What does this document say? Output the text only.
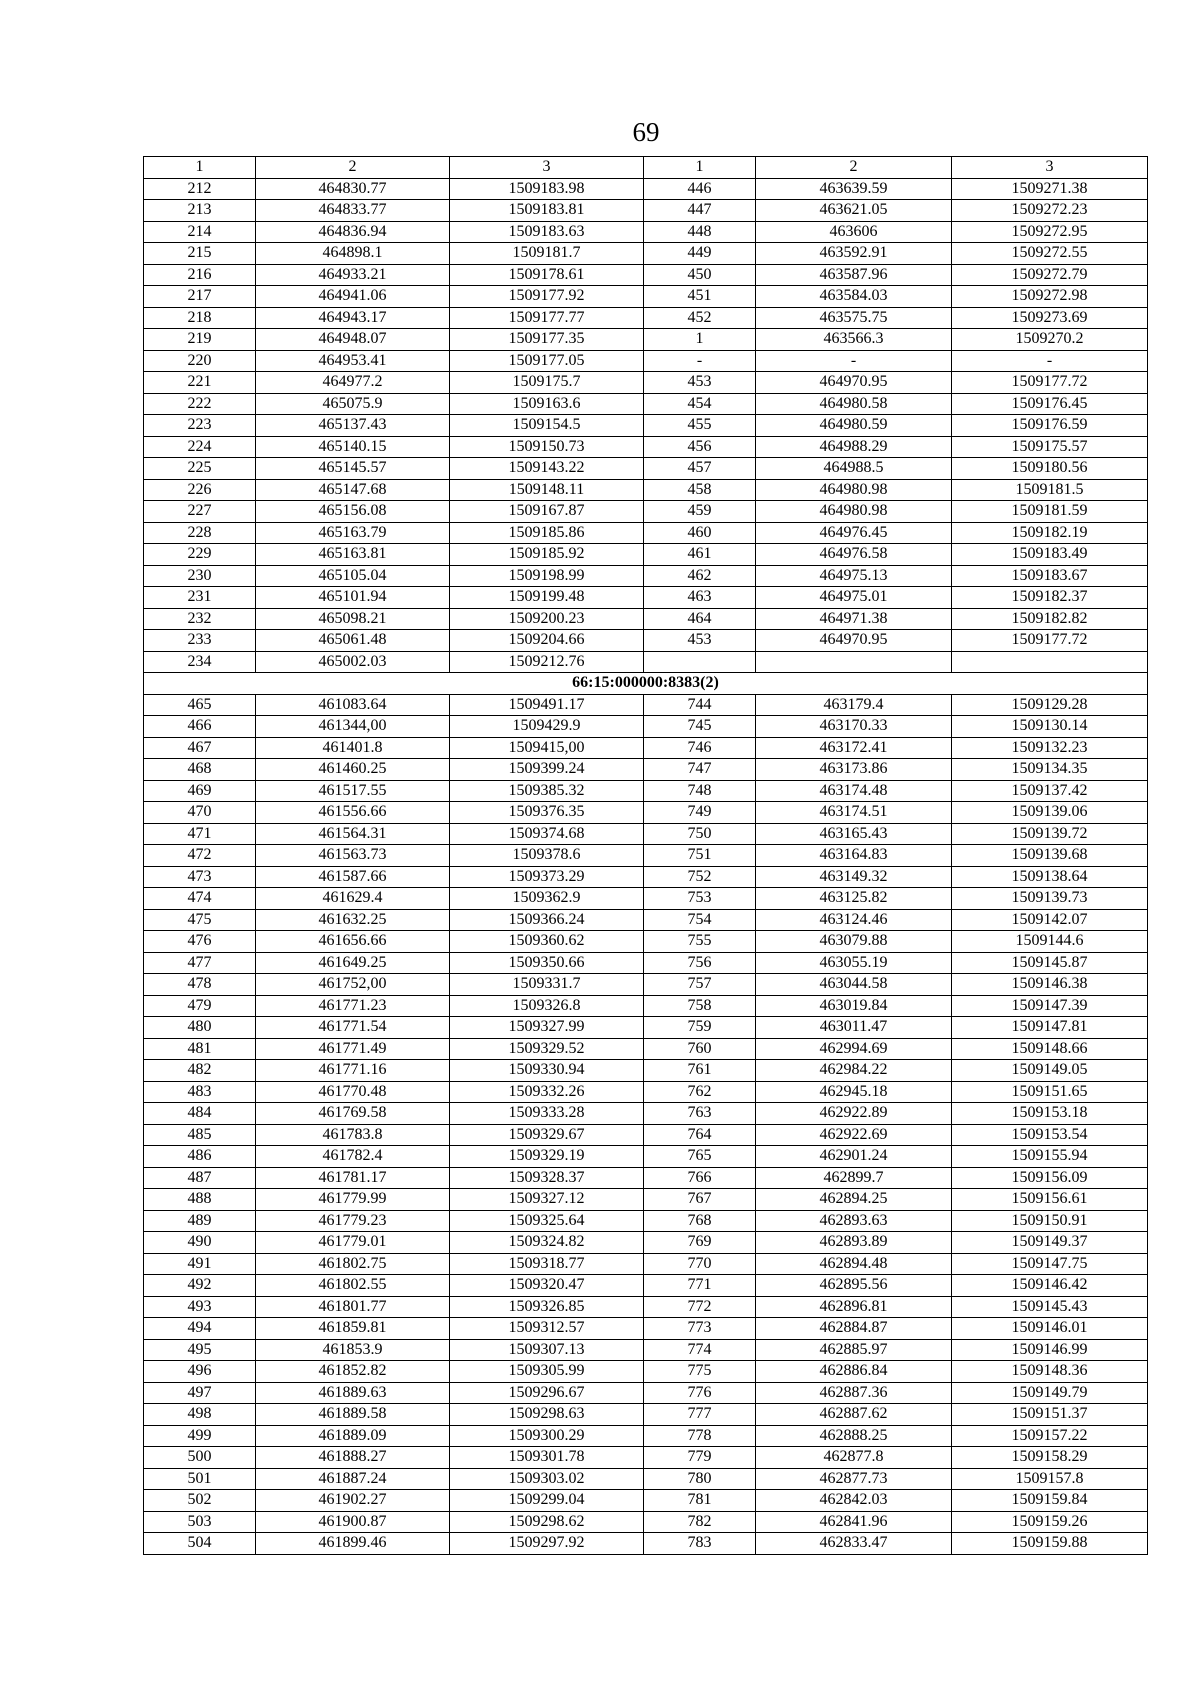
69
1	2	3	1	2	3
212	464830.77	1509183.98	446	463639.59	1509271.38
213	464833.77	1509183.81	447	463621.05	1509272.23
214	464836.94	1509183.63	448	463606	1509272.95
215	464898.1	1509181.7	449	463592.91	1509272.55
216	464933.21	1509178.61	450	463587.96	1509272.79
217	464941.06	1509177.92	451	463584.03	1509272.98
218	464943.17	1509177.77	452	463575.75	1509273.69
219	464948.07	1509177.35	1	463566.3	1509270.2
220	464953.41	1509177.05	-	-	-
221	464977.2	1509175.7	453	464970.95	1509177.72
222	465075.9	1509163.6	454	464980.58	1509176.45
223	465137.43	1509154.5	455	464980.59	1509176.59
224	465140.15	1509150.73	456	464988.29	1509175.57
225	465145.57	1509143.22	457	464988.5	1509180.56
226	465147.68	1509148.11	458	464980.98	1509181.5
227	465156.08	1509167.87	459	464980.98	1509181.59
228	465163.79	1509185.86	460	464976.45	1509182.19
229	465163.81	1509185.92	461	464976.58	1509183.49
230	465105.04	1509198.99	462	464975.13	1509183.67
231	465101.94	1509199.48	463	464975.01	1509182.37
232	465098.21	1509200.23	464	464971.38	1509182.82
233	465061.48	1509204.66	453	464970.95	1509177.72
234	465002.03	1509212.76			
66:15:000000:8383(2)					
465	461083.64	1509491.17	744	463179.4	1509129.28
466	461344,00	1509429.9	745	463170.33	1509130.14
467	461401.8	1509415,00	746	463172.41	1509132.23
468	461460.25	1509399.24	747	463173.86	1509134.35
469	461517.55	1509385.32	748	463174.48	1509137.42
470	461556.66	1509376.35	749	463174.51	1509139.06
471	461564.31	1509374.68	750	463165.43	1509139.72
472	461563.73	1509378.6	751	463164.83	1509139.68
473	461587.66	1509373.29	752	463149.32	1509138.64
474	461629.4	1509362.9	753	463125.82	1509139.73
475	461632.25	1509366.24	754	463124.46	1509142.07
476	461656.66	1509360.62	755	463079.88	1509144.6
477	461649.25	1509350.66	756	463055.19	1509145.87
478	461752,00	1509331.7	757	463044.58	1509146.38
479	461771.23	1509326.8	758	463019.84	1509147.39
480	461771.54	1509327.99	759	463011.47	1509147.81
481	461771.49	1509329.52	760	462994.69	1509148.66
482	461771.16	1509330.94	761	462984.22	1509149.05
483	461770.48	1509332.26	762	462945.18	1509151.65
484	461769.58	1509333.28	763	462922.89	1509153.18
485	461783.8	1509329.67	764	462922.69	1509153.54
486	461782.4	1509329.19	765	462901.24	1509155.94
487	461781.17	1509328.37	766	462899.7	1509156.09
488	461779.99	1509327.12	767	462894.25	1509156.61
489	461779.23	1509325.64	768	462893.63	1509150.91
490	461779.01	1509324.82	769	462893.89	1509149.37
491	461802.75	1509318.77	770	462894.48	1509147.75
492	461802.55	1509320.47	771	462895.56	1509146.42
493	461801.77	1509326.85	772	462896.81	1509145.43
494	461859.81	1509312.57	773	462884.87	1509146.01
495	461853.9	1509307.13	774	462885.97	1509146.99
496	461852.82	1509305.99	775	462886.84	1509148.36
497	461889.63	1509296.67	776	462887.36	1509149.79
498	461889.58	1509298.63	777	462887.62	1509151.37
499	461889.09	1509300.29	778	462888.25	1509157.22
500	461888.27	1509301.78	779	462877.8	1509158.29
501	461887.24	1509303.02	780	462877.73	1509157.8
502	461902.27	1509299.04	781	462842.03	1509159.84
503	461900.87	1509298.62	782	462841.96	1509159.26
504	461899.46	1509297.92	783	462833.47	1509159.88
